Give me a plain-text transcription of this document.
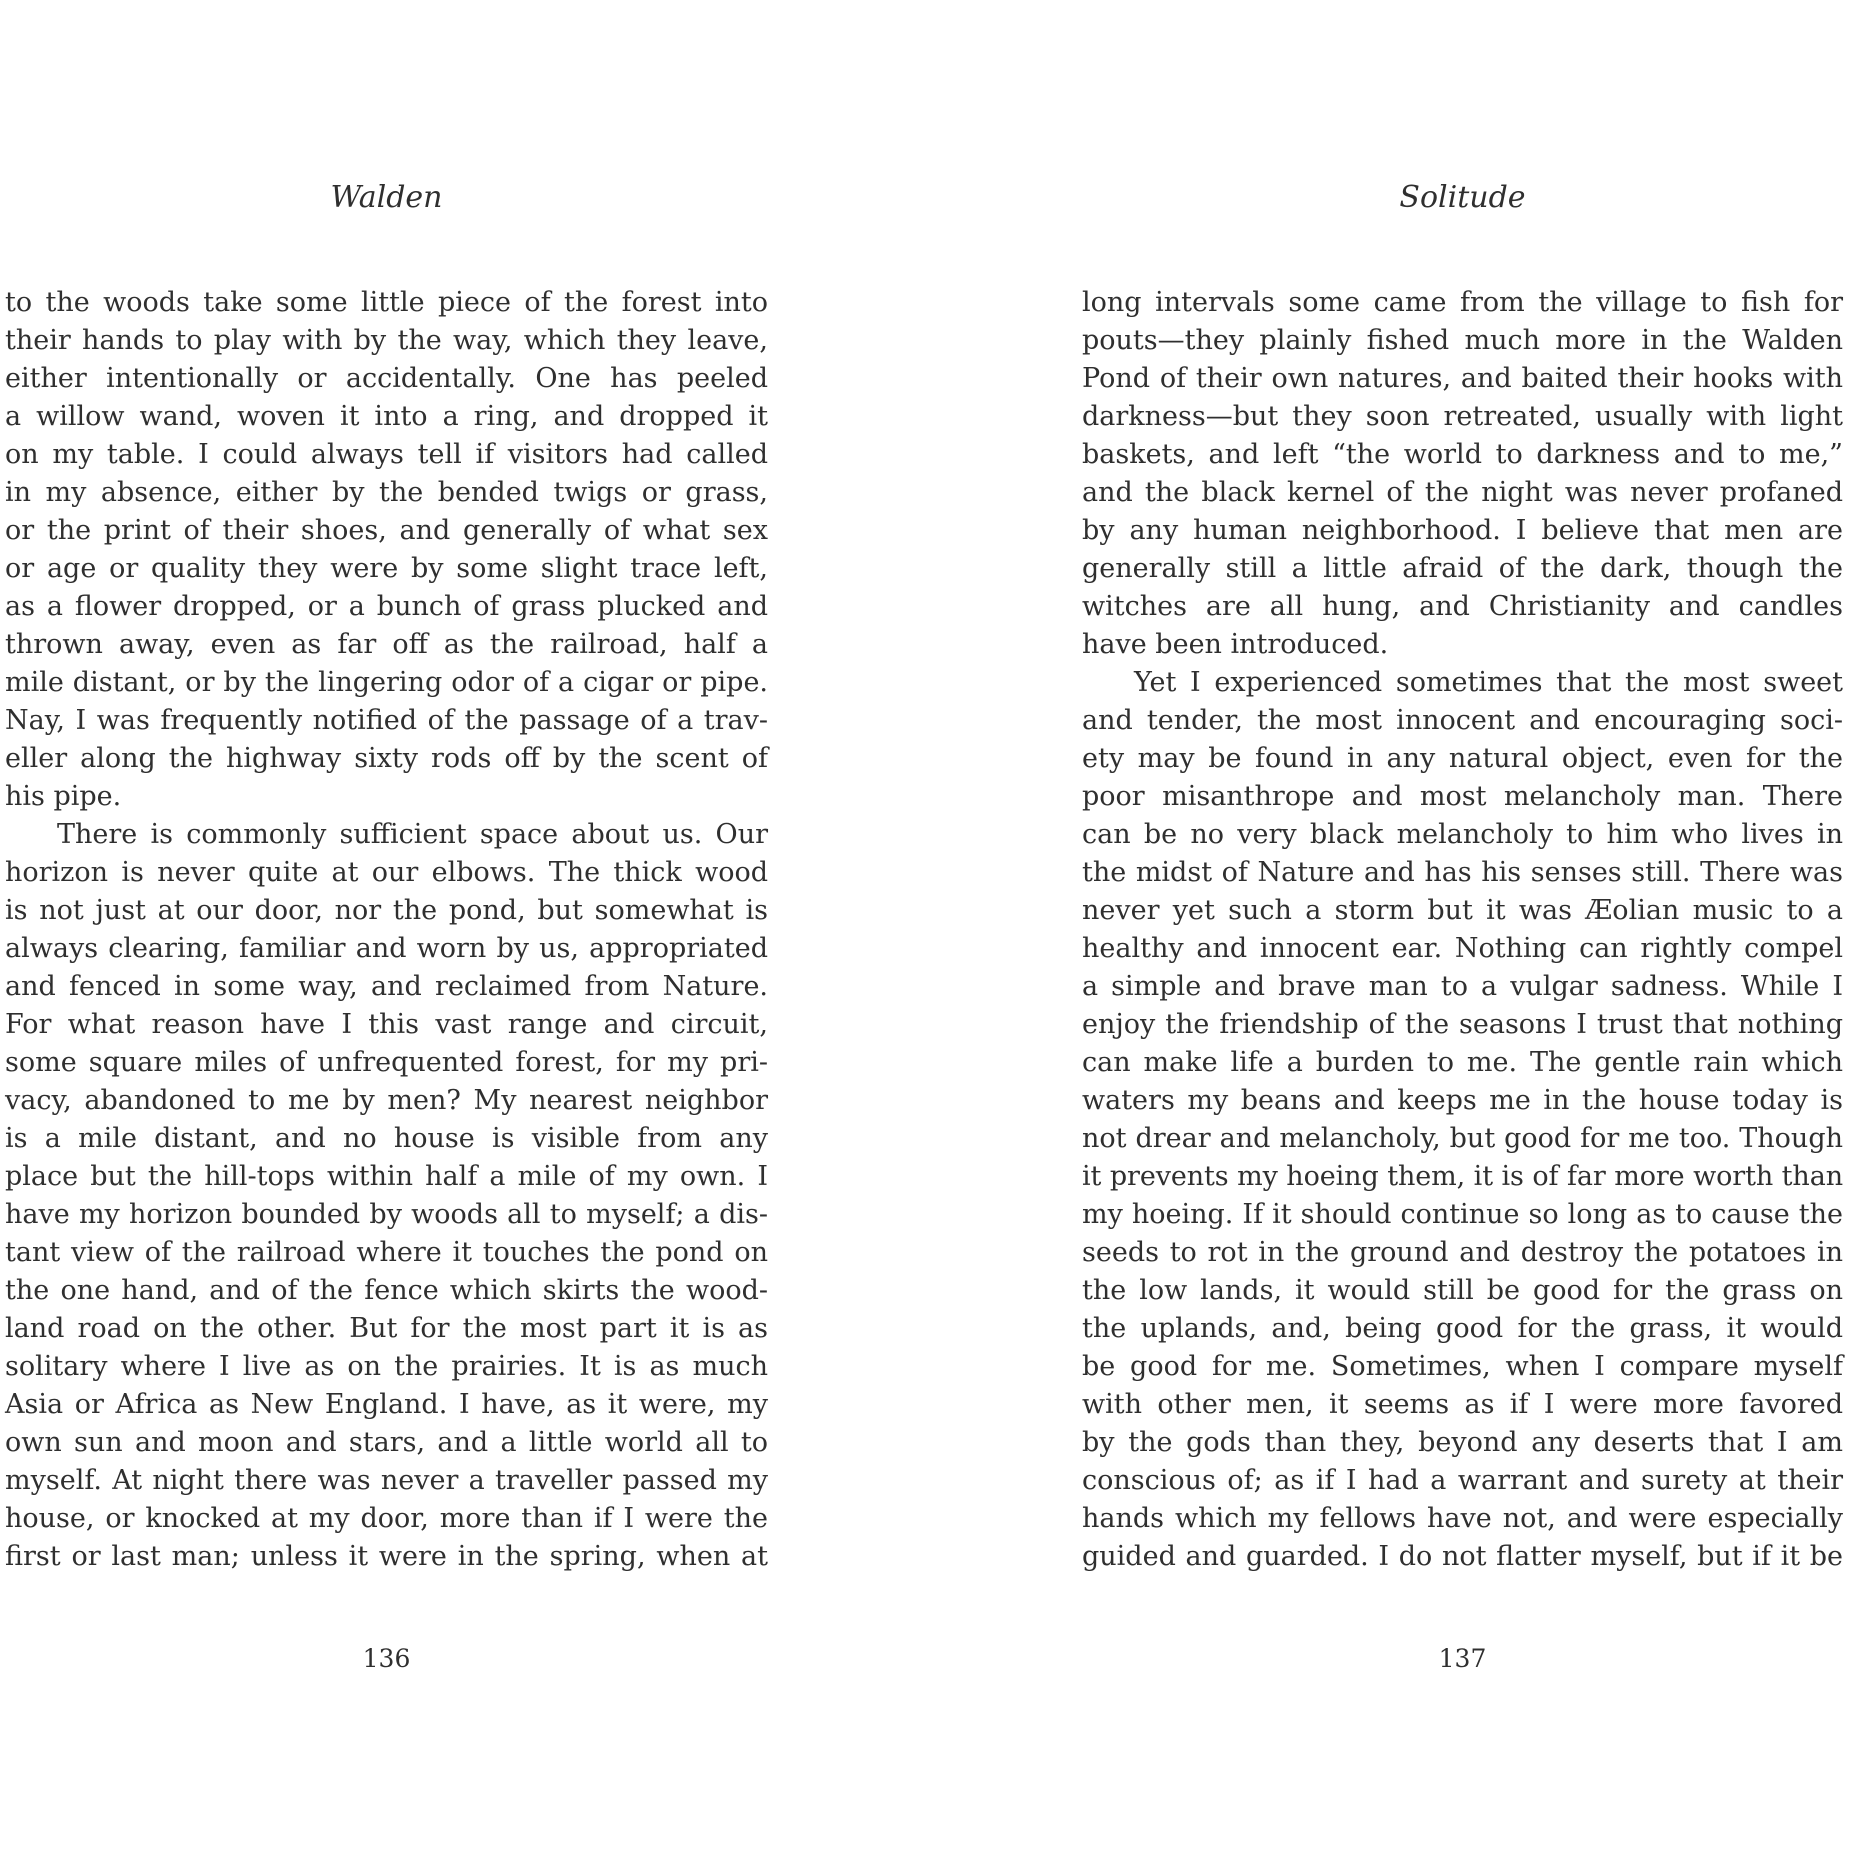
Walden
to the woods take some little piece of the forest into
their hands to play with by the way, which they leave,
either intentionally or accidentally. One has peeled
a willow wand, woven it into a ring, and dropped it
on my table. I could always tell if visitors had called
in my absence, either by the bended twigs or grass,
or the print of their shoes, and generally of what sex
or age or quality they were by some slight trace left,
as a flower dropped, or a bunch of grass plucked and
thrown away, even as far off as the railroad, half a
mile distant, or by the lingering odor of a cigar or pipe.
Nay, I was frequently notified of the passage of a trav-
eller along the highway sixty rods off by the scent of
his pipe.
There is commonly sufficient space about us. Our
horizon is never quite at our elbows. The thick wood
is not just at our door, nor the pond, but somewhat is
always clearing, familiar and worn by us, appropriated
and fenced in some way, and reclaimed from Nature.
For what reason have I this vast range and circuit,
some square miles of unfrequented forest, for my pri-
vacy, abandoned to me by men? My nearest neighbor
is a mile distant, and no house is visible from any
place but the hill-tops within half a mile of my own. I
have my horizon bounded by woods all to myself; a dis-
tant view of the railroad where it touches the pond on
the one hand, and of the fence which skirts the wood-
land road on the other. But for the most part it is as
solitary where I live as on the prairies. It is as much
Asia or Africa as New England. I have, as it were, my
own sun and moon and stars, and a little world all to
myself. At night there was never a traveller passed my
house, or knocked at my door, more than if I were the
first or last man; unless it were in the spring, when at
136
Solitude
long intervals some came from the village to fish for
pouts—they plainly fished much more in the Walden
Pond of their own natures, and baited their hooks with
darkness—but they soon retreated, usually with light
baskets, and left “the world to darkness and to me,”
and the black kernel of the night was never profaned
by any human neighborhood. I believe that men are
generally still a little afraid of the dark, though the
witches are all hung, and Christianity and candles
have been introduced.
Yet I experienced sometimes that the most sweet
and tender, the most innocent and encouraging soci-
ety may be found in any natural object, even for the
poor misanthrope and most melancholy man. There
can be no very black melancholy to him who lives in
the midst of Nature and has his senses still. There was
never yet such a storm but it was Æolian music to a
healthy and innocent ear. Nothing can rightly compel
a simple and brave man to a vulgar sadness. While I
enjoy the friendship of the seasons I trust that nothing
can make life a burden to me. The gentle rain which
waters my beans and keeps me in the house today is
not drear and melancholy, but good for me too. Though
it prevents my hoeing them, it is of far more worth than
my hoeing. If it should continue so long as to cause the
seeds to rot in the ground and destroy the potatoes in
the low lands, it would still be good for the grass on
the uplands, and, being good for the grass, it would
be good for me. Sometimes, when I compare myself
with other men, it seems as if I were more favored
by the gods than they, beyond any deserts that I am
conscious of; as if I had a warrant and surety at their
hands which my fellows have not, and were especially
guided and guarded. I do not flatter myself, but if it be
137
